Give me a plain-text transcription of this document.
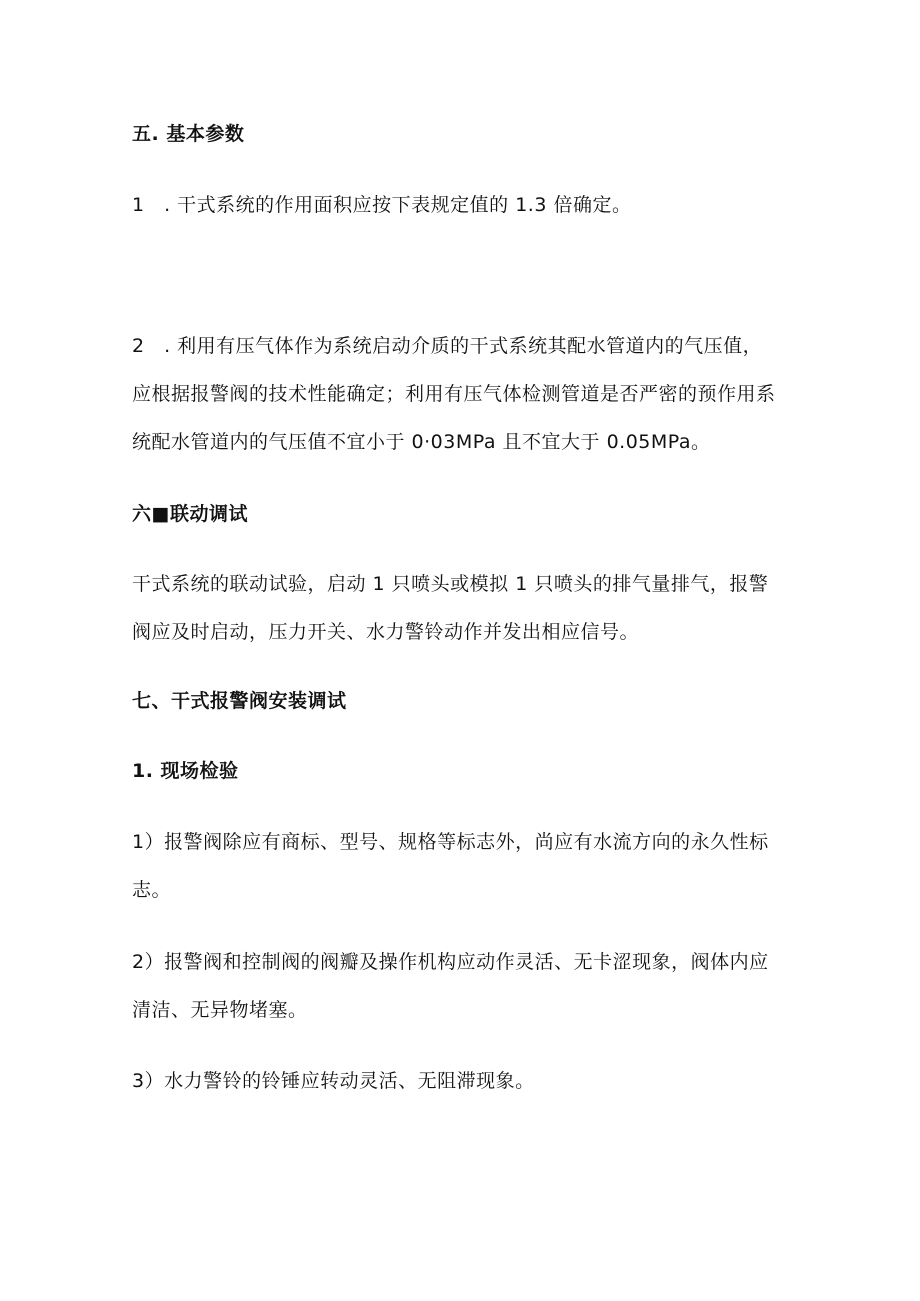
五. 基本参数

1　. 干式系统的作用面积应按下表规定值的 1.3 倍确定。

2　. 利用有压气体作为系统启动介质的干式系统其配水管道内的气压值，
应根据报警阀的技术性能确定；利用有压气体检测管道是否严密的预作用系
统配水管道内的气压值不宜小于 0·03MPa 且不宜大于 0.05MPa。

六■联动调试

干式系统的联动试验，启动 1 只喷头或模拟 1 只喷头的排气量排气，报警
阀应及时启动，压力开关、水力警铃动作并发出相应信号。

七、干式报警阀安装调试

1. 现场检验

1）报警阀除应有商标、型号、规格等标志外，尚应有水流方向的永久性标
志。

2）报警阀和控制阀的阀瓣及操作机构应动作灵活、无卡涩现象，阀体内应
清洁、无异物堵塞。

3）水力警铃的铃锤应转动灵活、无阻滞现象。
